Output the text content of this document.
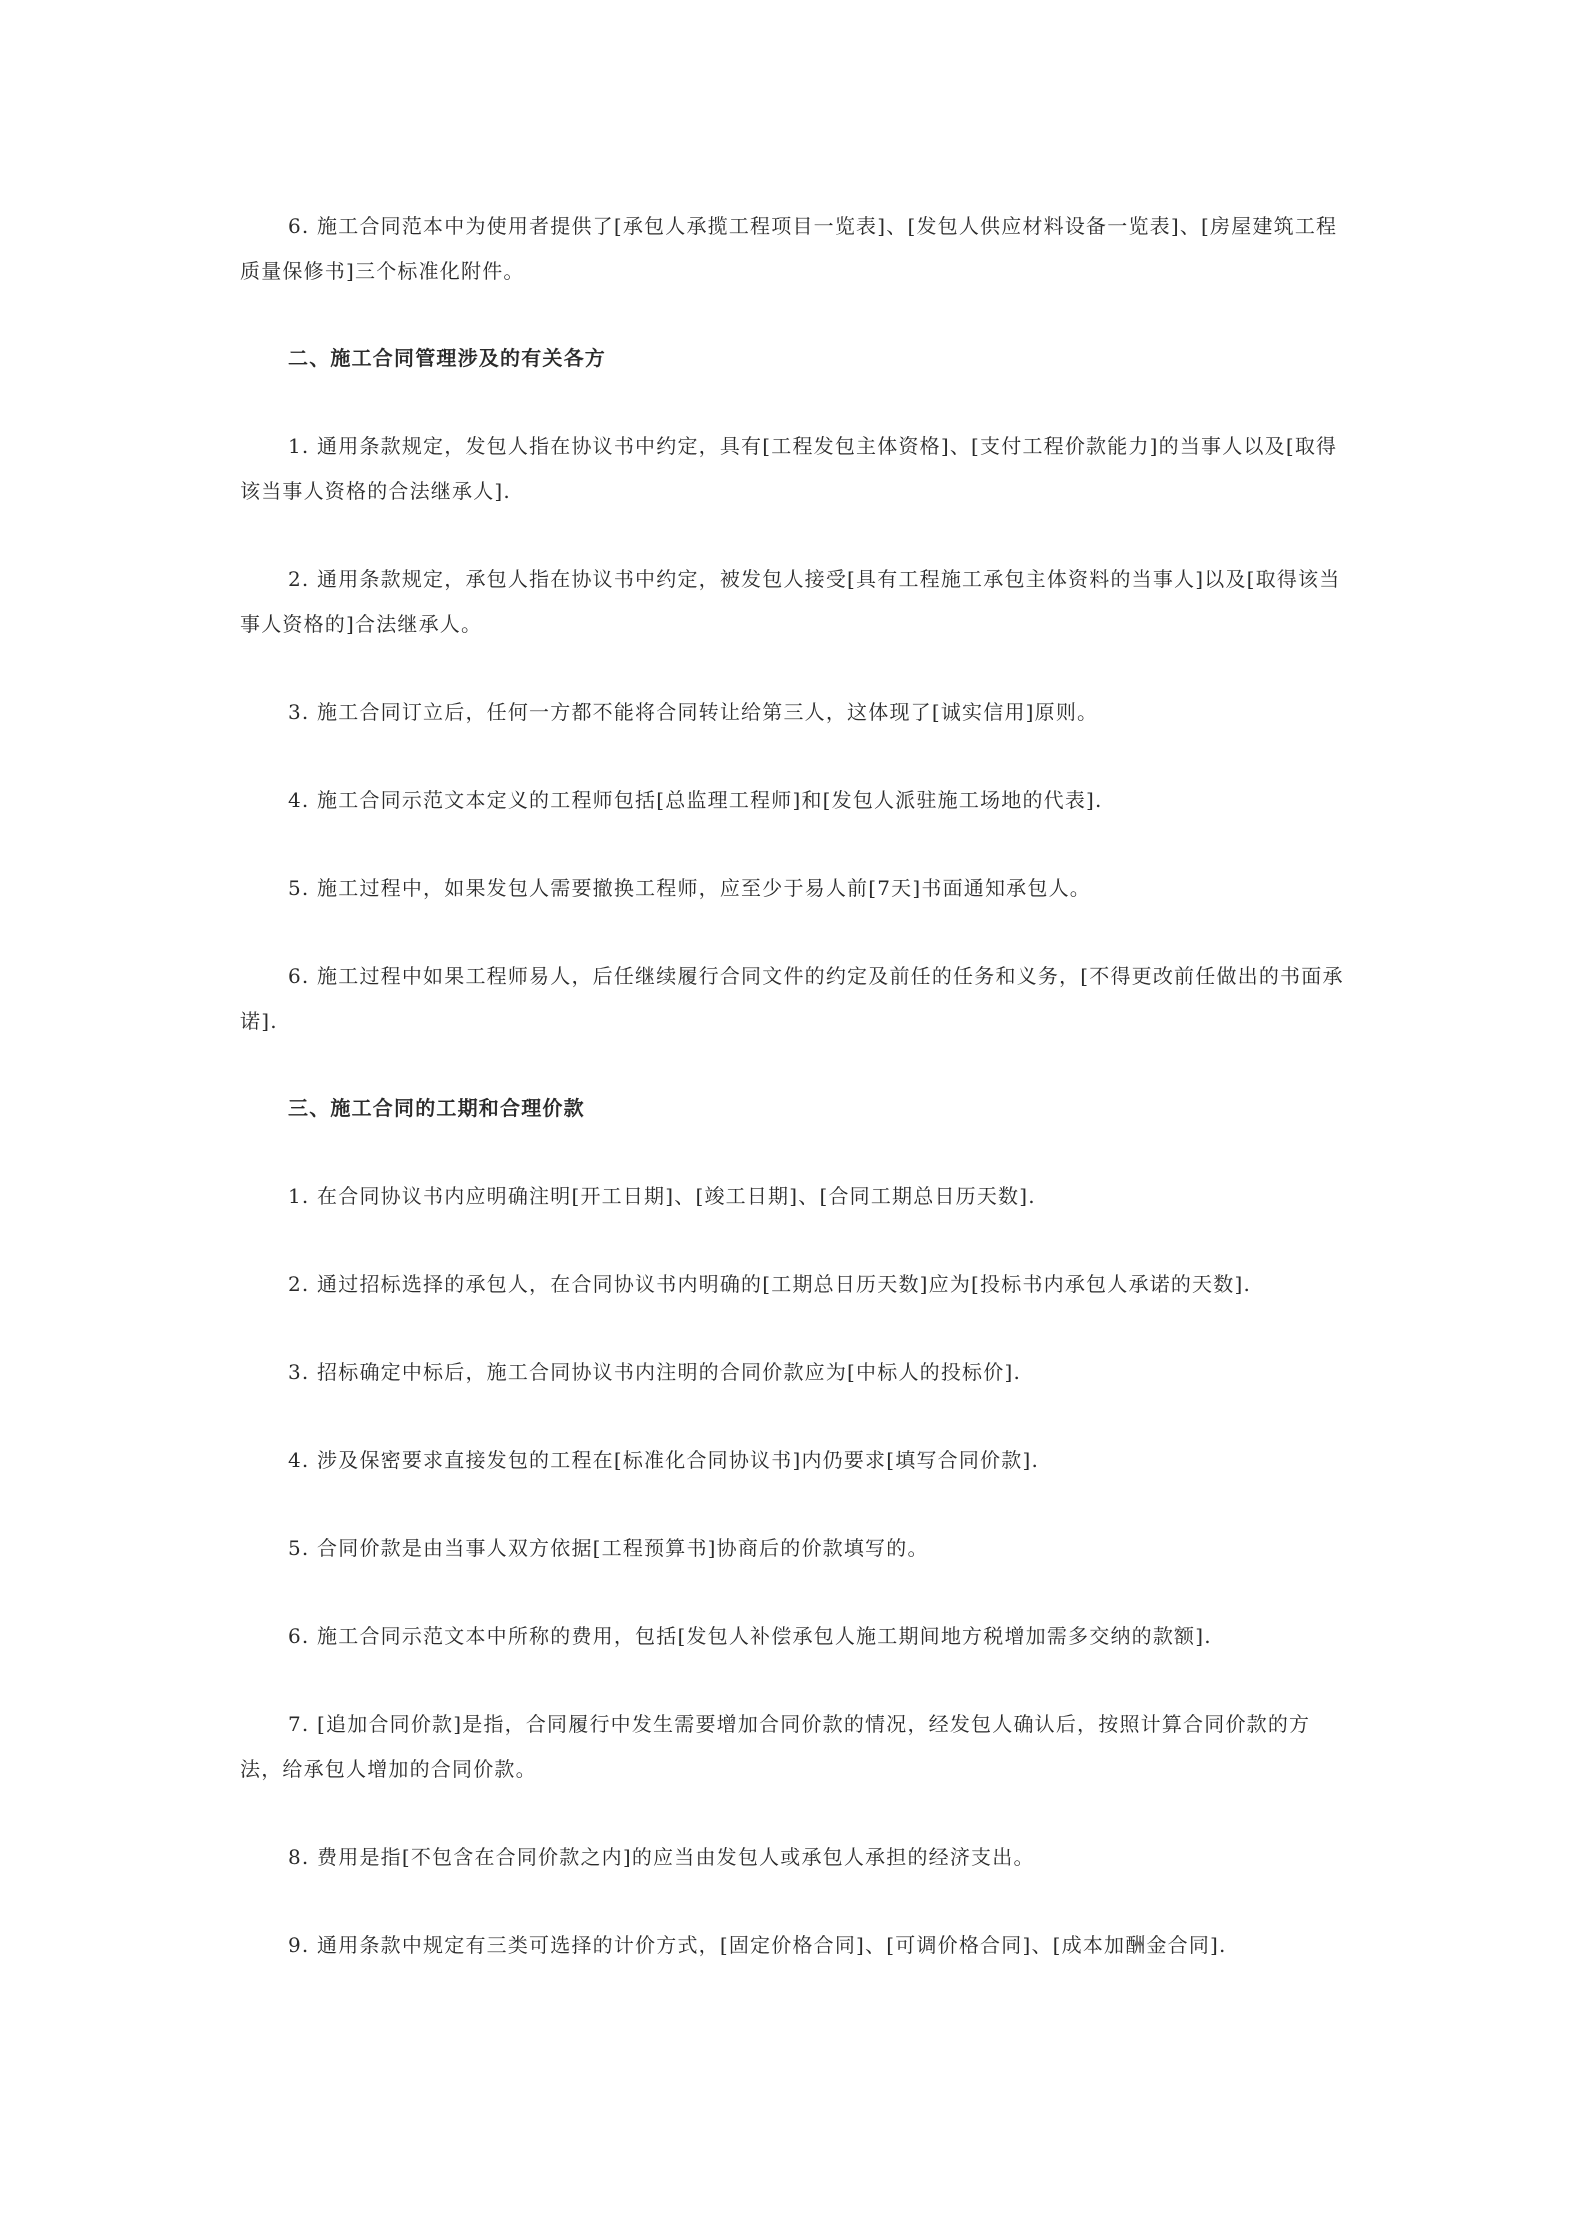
6. 施工合同范本中为使用者提供了[承包人承揽工程项目一览表]、[发包人供应材料设备一览表]、[房屋建筑工程质量保修书]三个标准化附件。

二、施工合同管理涉及的有关各方

1. 通用条款规定，发包人指在协议书中约定，具有[工程发包主体资格]、[支付工程价款能力]的当事人以及[取得该当事人资格的合法继承人].

2. 通用条款规定，承包人指在协议书中约定，被发包人接受[具有工程施工承包主体资料的当事人]以及[取得该当事人资格的]合法继承人。

3. 施工合同订立后，任何一方都不能将合同转让给第三人，这体现了[诚实信用]原则。

4. 施工合同示范文本定义的工程师包括[总监理工程师]和[发包人派驻施工场地的代表].

5. 施工过程中，如果发包人需要撤换工程师，应至少于易人前[7天]书面通知承包人。

6. 施工过程中如果工程师易人，后任继续履行合同文件的约定及前任的任务和义务，[不得更改前任做出的书面承诺].

三、施工合同的工期和合理价款

1. 在合同协议书内应明确注明[开工日期]、[竣工日期]、[合同工期总日历天数].

2. 通过招标选择的承包人，在合同协议书内明确的[工期总日历天数]应为[投标书内承包人承诺的天数].

3. 招标确定中标后，施工合同协议书内注明的合同价款应为[中标人的投标价].

4. 涉及保密要求直接发包的工程在[标准化合同协议书]内仍要求[填写合同价款].

5. 合同价款是由当事人双方依据[工程预算书]协商后的价款填写的。

6. 施工合同示范文本中所称的费用，包括[发包人补偿承包人施工期间地方税增加需多交纳的款额].

7. [追加合同价款]是指，合同履行中发生需要增加合同价款的情况，经发包人确认后，按照计算合同价款的方法，给承包人增加的合同价款。

8. 费用是指[不包含在合同价款之内]的应当由发包人或承包人承担的经济支出。

9. 通用条款中规定有三类可选择的计价方式，[固定价格合同]、[可调价格合同]、[成本加酬金合同].
